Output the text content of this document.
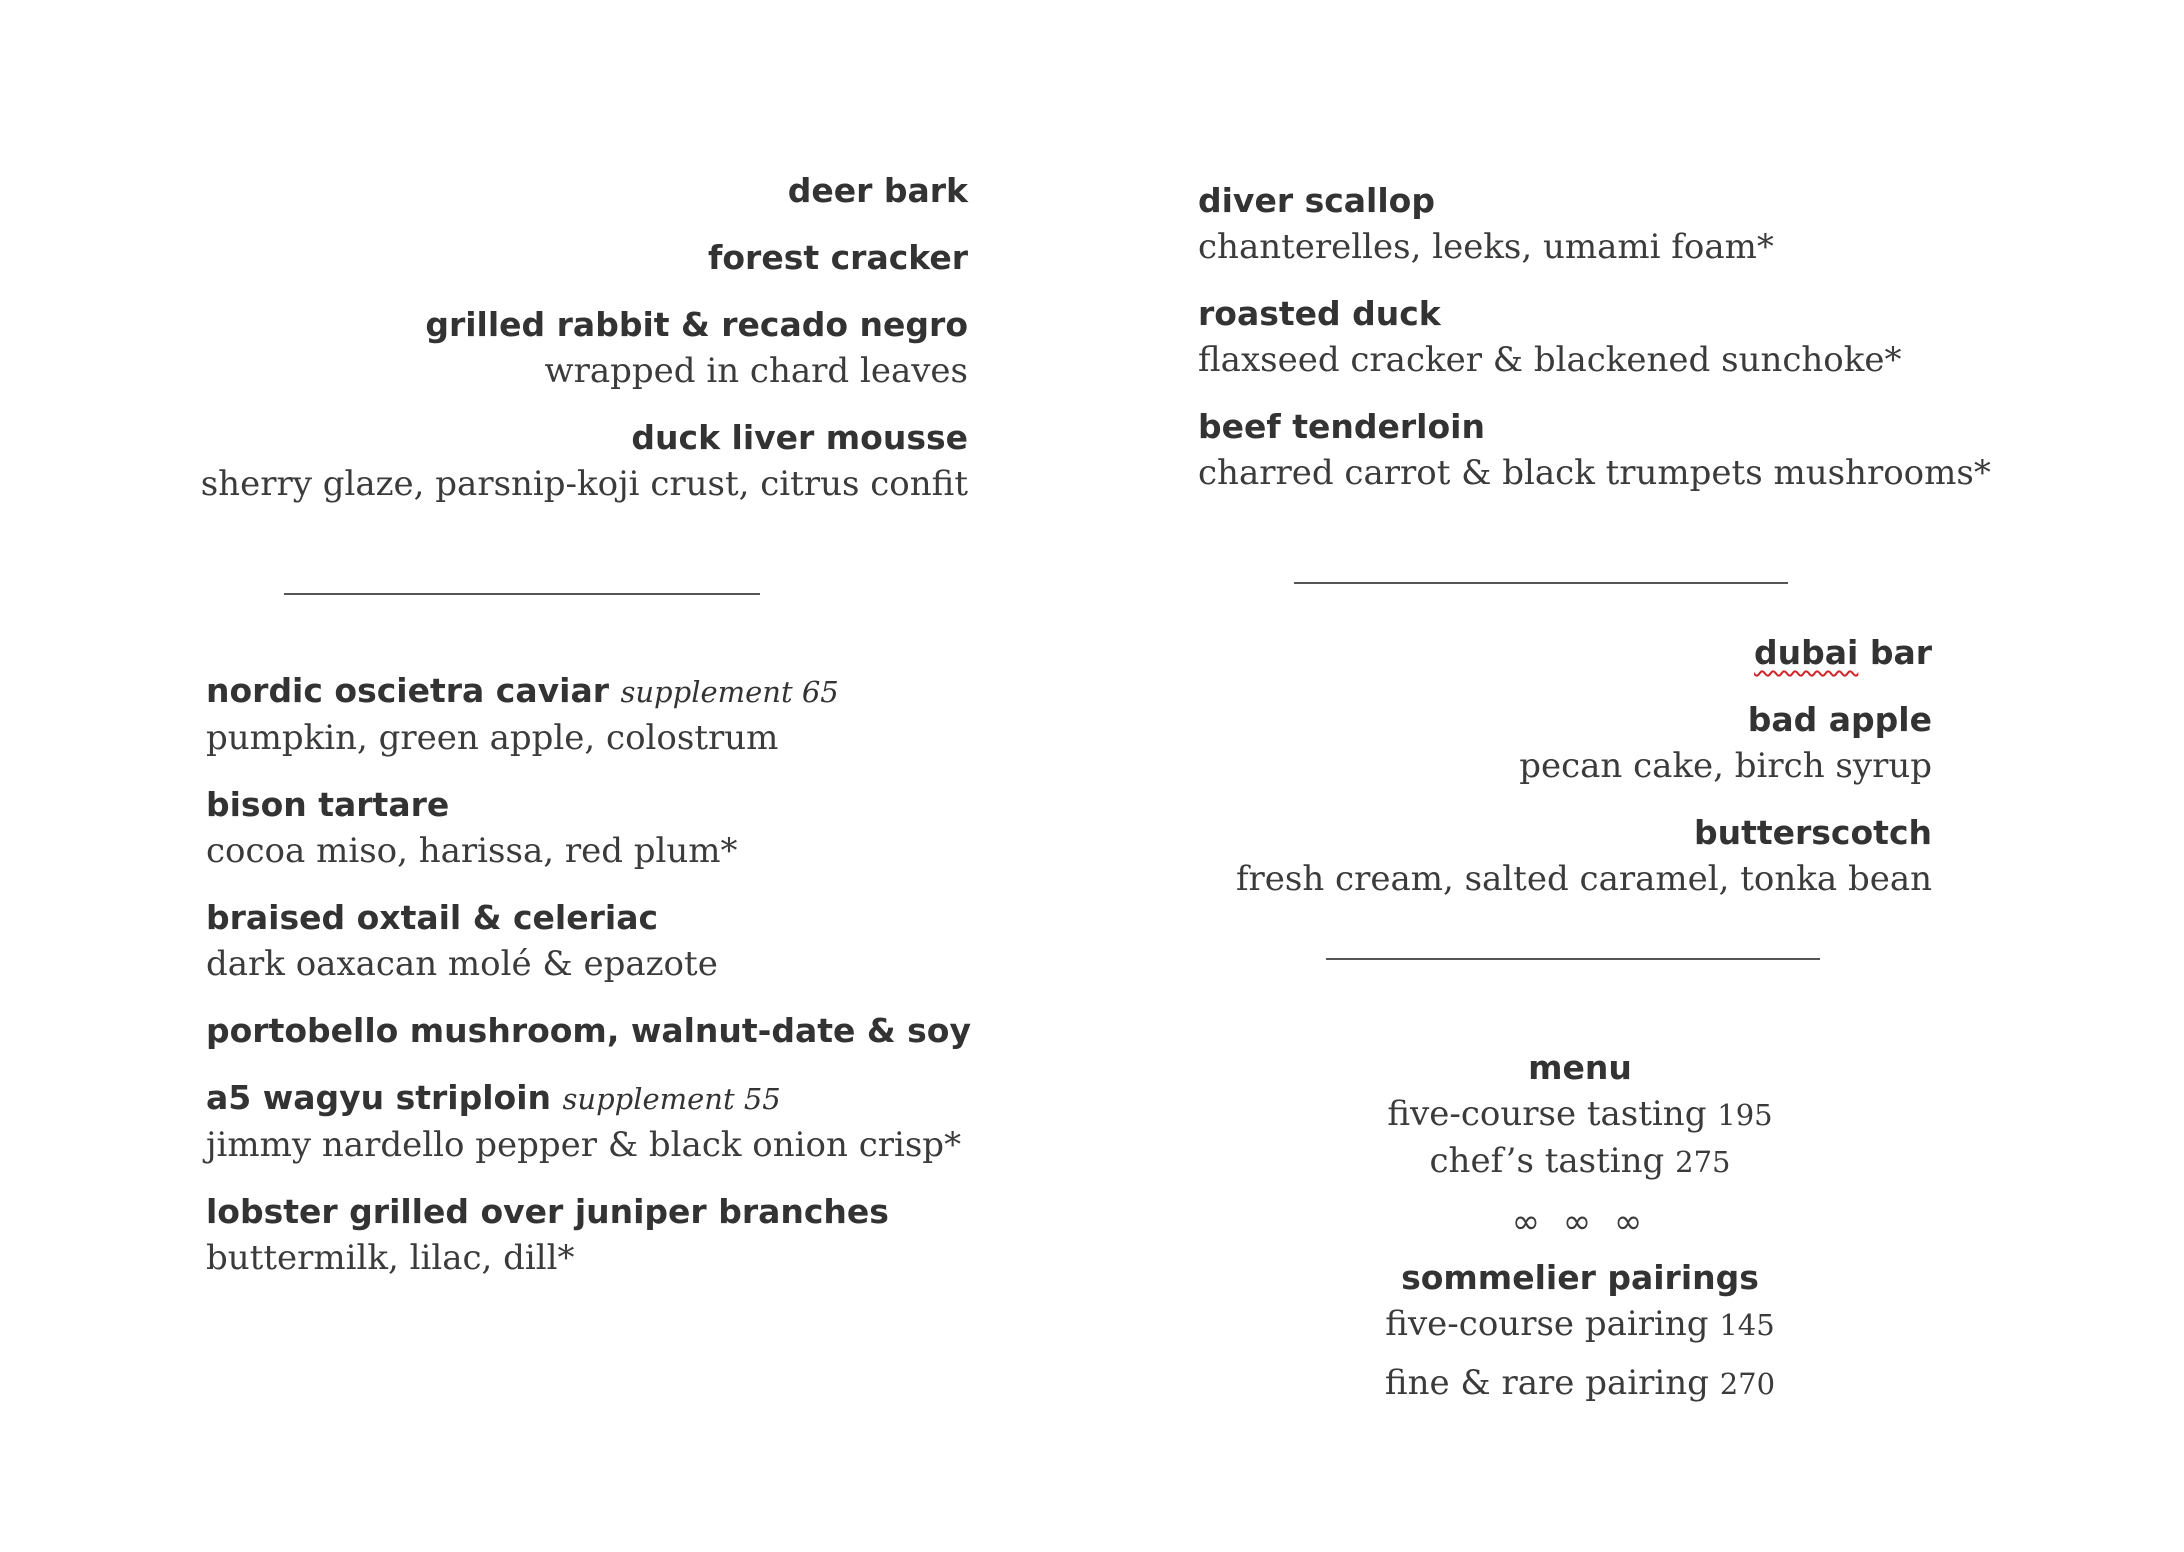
deer bark
forest cracker
grilled rabbit & recado negro
wrapped in chard leaves
duck liver mousse
sherry glaze, parsnip-koji crust, citrus confit
nordic oscietra caviar supplement 65
pumpkin, green apple, colostrum
bison tartare
cocoa miso, harissa, red plum*
braised oxtail & celeriac
dark oaxacan molé & epazote
portobello mushroom, walnut-date & soy
a5 wagyu striploin supplement 55
jimmy nardello pepper & black onion crisp*
lobster grilled over juniper branches
buttermilk, lilac, dill*
diver scallop
chanterelles, leeks, umami foam*
roasted duck
flaxseed cracker & blackened sunchoke*
beef tenderloin
charred carrot & black trumpets mushrooms*
dubai bar
bad apple
pecan cake, birch syrup
butterscotch
fresh cream, salted caramel, tonka bean
menu
five-course tasting 195
chef’s tasting 275
∞ ∞ ∞
sommelier pairings
five-course pairing 145
fine & rare pairing 270
